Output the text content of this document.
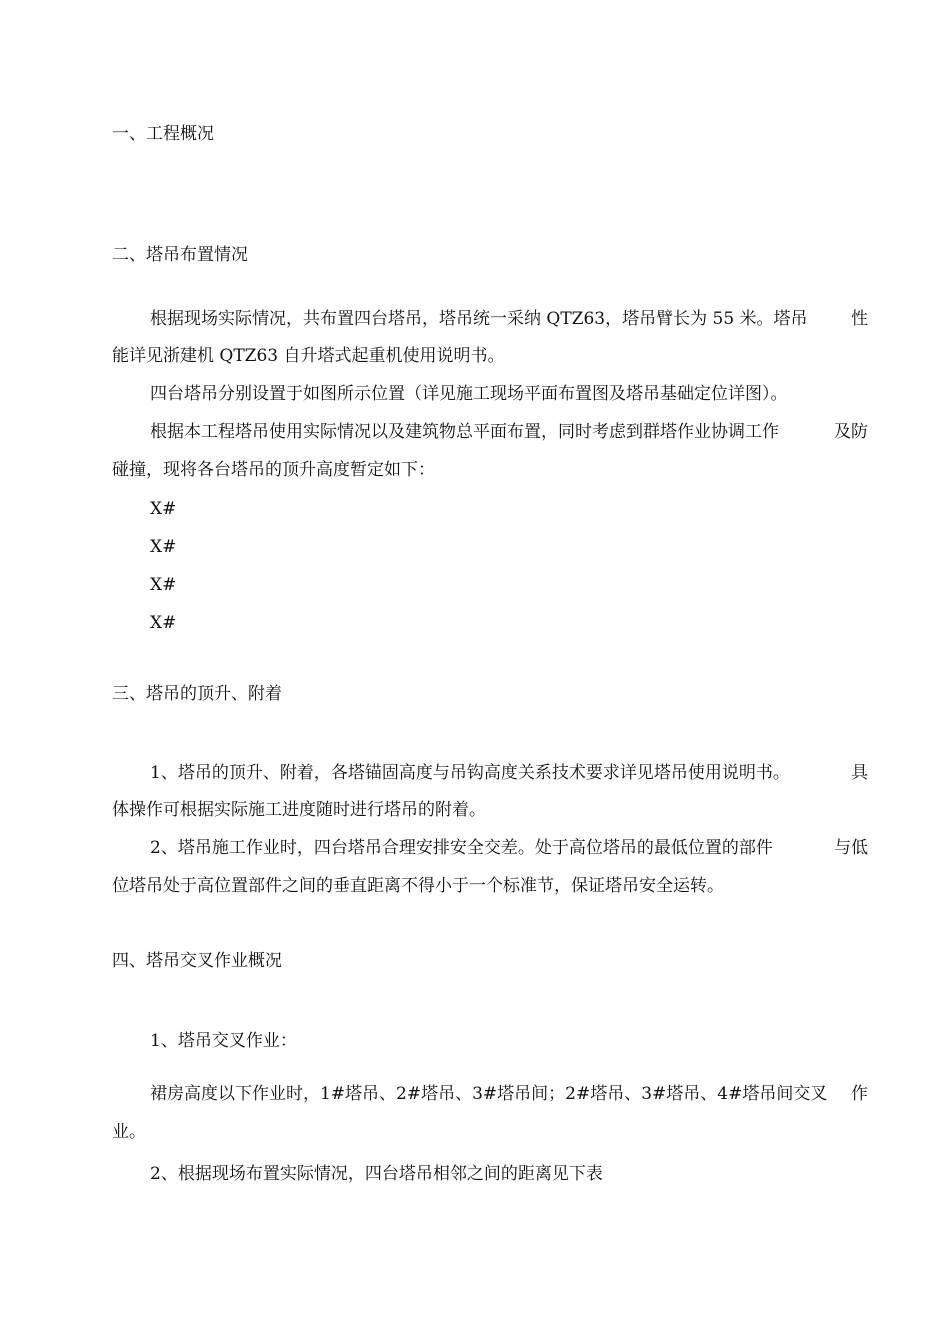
一、工程概况
二、塔吊布置情况
根据现场实际情况，共布置四台塔吊，塔吊统一采纳 QTZ63，塔吊臂长为 55 米。塔吊	性
能详见浙建机 QTZ63 自升塔式起重机使用说明书。
四台塔吊分别设置于如图所示位置（详见施工现场平面布置图及塔吊基础定位详图）。
根据本工程塔吊使用实际情况以及建筑物总平面布置，同时考虑到群塔作业协调工作	及防
碰撞，现将各台塔吊的顶升高度暂定如下：
X#
X#
X#
X#
三、塔吊的顶升、附着
1、塔吊的顶升、附着，各塔锚固高度与吊钩高度关系技术要求详见塔吊使用说明书。	具
体操作可根据实际施工进度随时进行塔吊的附着。
2、塔吊施工作业时，四台塔吊合理安排安全交差。处于高位塔吊的最低位置的部件	与低
位塔吊处于高位置部件之间的垂直距离不得小于一个标准节，保证塔吊安全运转。
四、塔吊交叉作业概况
1、塔吊交叉作业：
裙房高度以下作业时，1#塔吊、2#塔吊、3#塔吊间；2#塔吊、3#塔吊、4#塔吊间交叉 作
业。
2、根据现场布置实际情况，四台塔吊相邻之间的距离见下表
